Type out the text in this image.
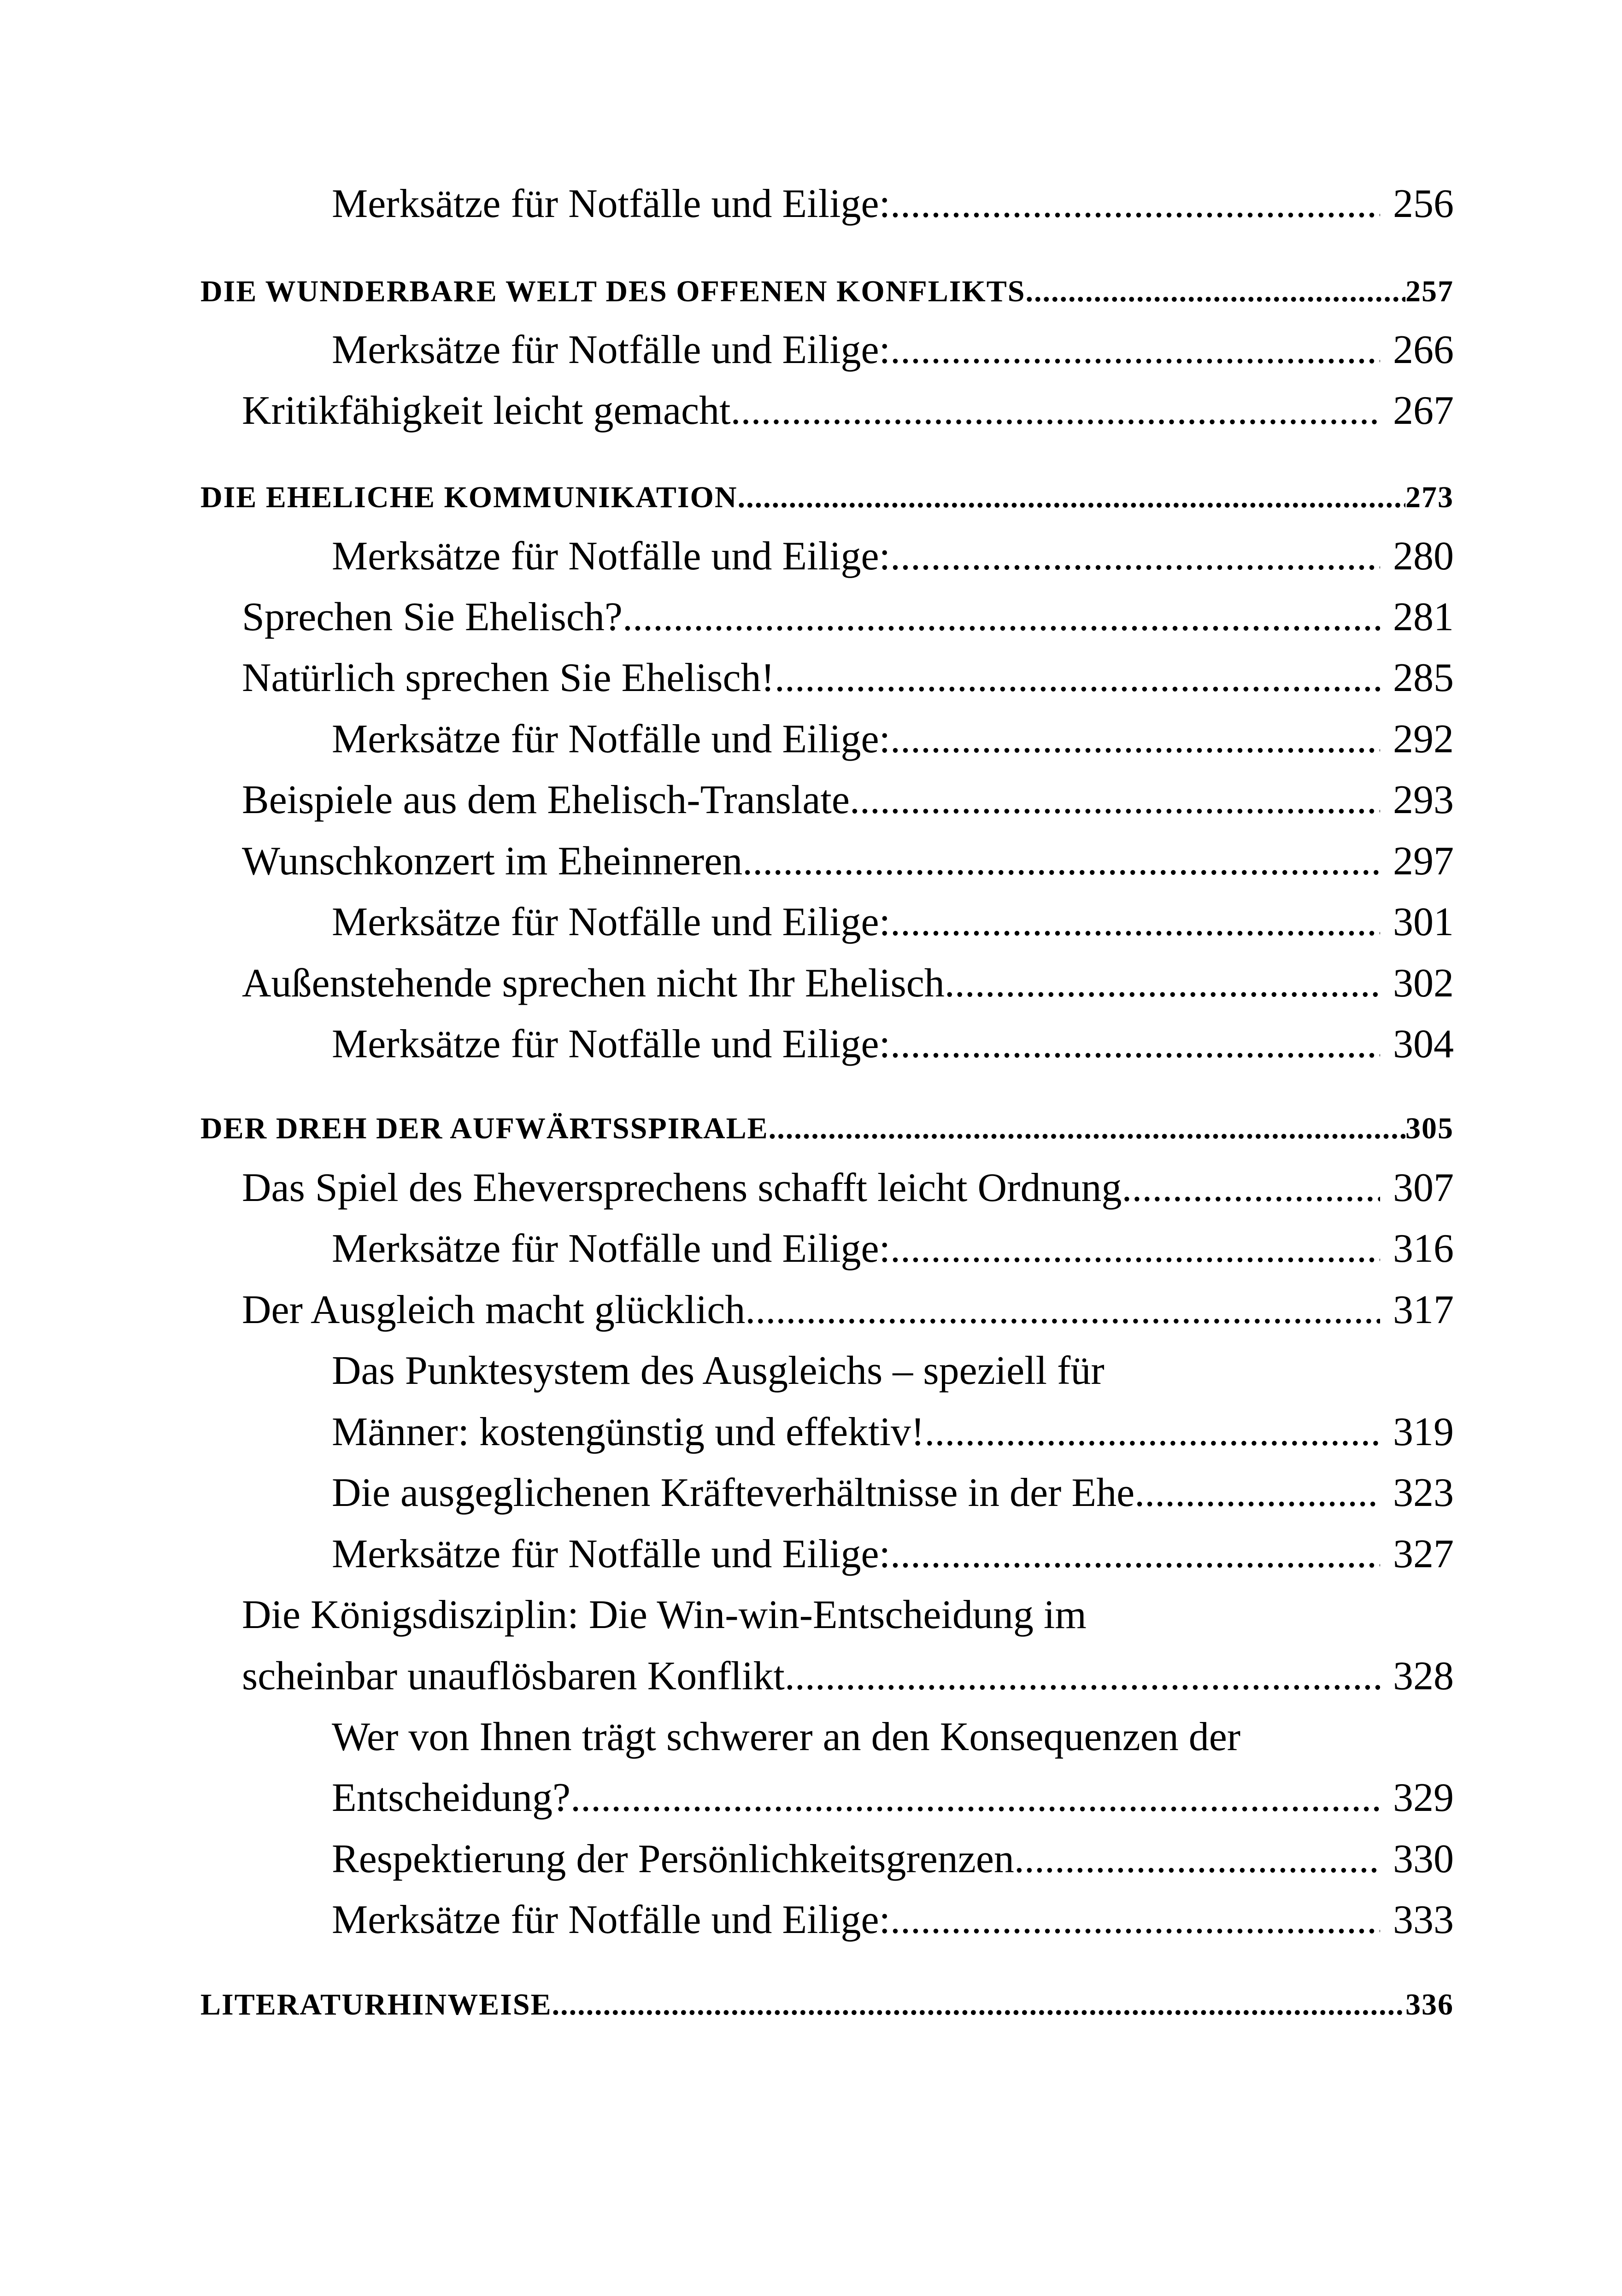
Merksätze für Notfälle und Eilige: .....	256
DIE WUNDERBARE WELT DES OFFENEN KONFLIKTS .....	257
Merksätze für Notfälle und Eilige: .....	266
Kritikfähigkeit leicht gemacht .....	267
DIE EHELICHE KOMMUNIKATION .....	273
Merksätze für Notfälle und Eilige: .....	280
Sprechen Sie Ehelisch? .....	281
Natürlich sprechen Sie Ehelisch! .....	285
Merksätze für Notfälle und Eilige: .....	292
Beispiele aus dem Ehelisch-Translate .....	293
Wunschkonzert im Eheinneren .....	297
Merksätze für Notfälle und Eilige: .....	301
Außenstehende sprechen nicht Ihr Ehelisch .....	302
Merksätze für Notfälle und Eilige: .....	304
DER DREH DER AUFWÄRTSSPIRALE .....	305
Das Spiel des Eheversprechens schafft leicht Ordnung .....	307
Merksätze für Notfälle und Eilige: .....	316
Der Ausgleich macht glücklich .....	317
Das Punktesystem des Ausgleichs – speziell für
Männer: kostengünstig und effektiv! .....	319
Die ausgeglichenen Kräfteverhältnisse in der Ehe .....	323
Merksätze für Notfälle und Eilige: .....	327
Die Königsdisziplin: Die Win-win-Entscheidung im
scheinbar unauflösbaren Konflikt .....	328
Wer von Ihnen trägt schwerer an den Konsequenzen der
Entscheidung? .....	329
Respektierung der Persönlichkeitsgrenzen .....	330
Merksätze für Notfälle und Eilige: .....	333
LITERATURHINWEISE .....	336
